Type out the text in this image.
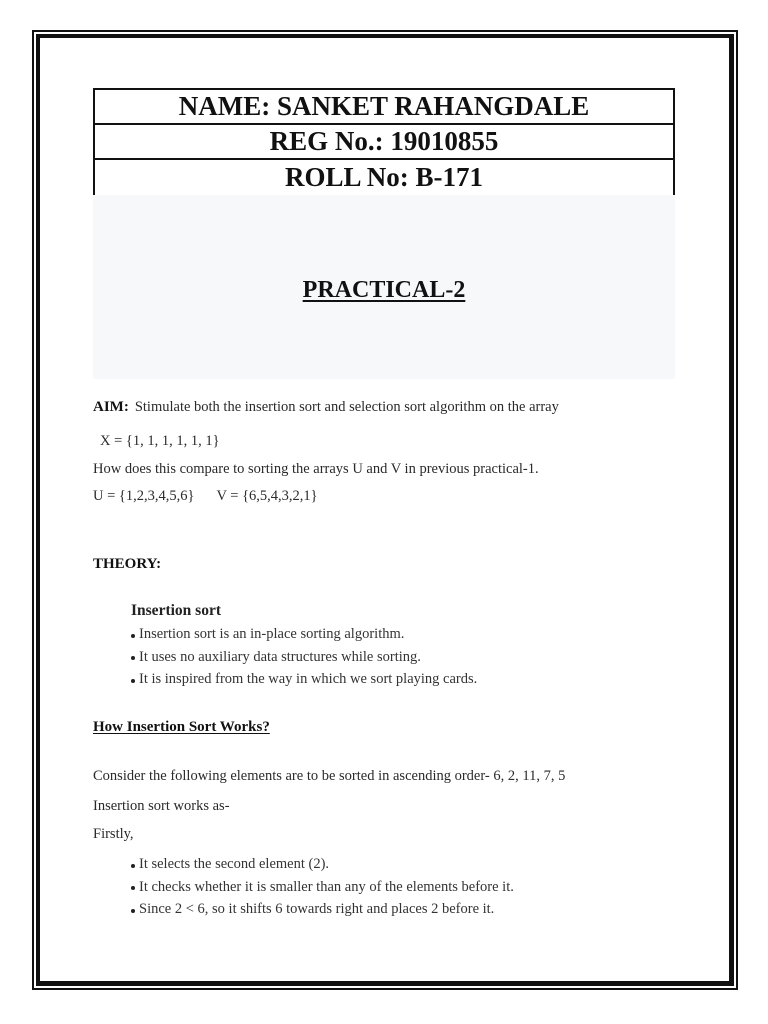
NAME: SANKET RAHANGDALE
REG No.: 19010855
ROLL No: B-171
PRACTICAL-2
AIM: Stimulate both the insertion sort and selection sort algorithm on the array
X = {1, 1, 1, 1, 1, 1}
How does this compare to sorting the arrays U and V in previous practical-1.
U = {1,2,3,4,5,6} V = {6,5,4,3,2,1}
THEORY:
Insertion sort
Insertion sort is an in-place sorting algorithm.
It uses no auxiliary data structures while sorting.
It is inspired from the way in which we sort playing cards.
How Insertion Sort Works?
Consider the following elements are to be sorted in ascending order- 6, 2, 11, 7, 5
Insertion sort works as-
Firstly,
It selects the second element (2).
It checks whether it is smaller than any of the elements before it.
Since 2 < 6, so it shifts 6 towards right and places 2 before it.
